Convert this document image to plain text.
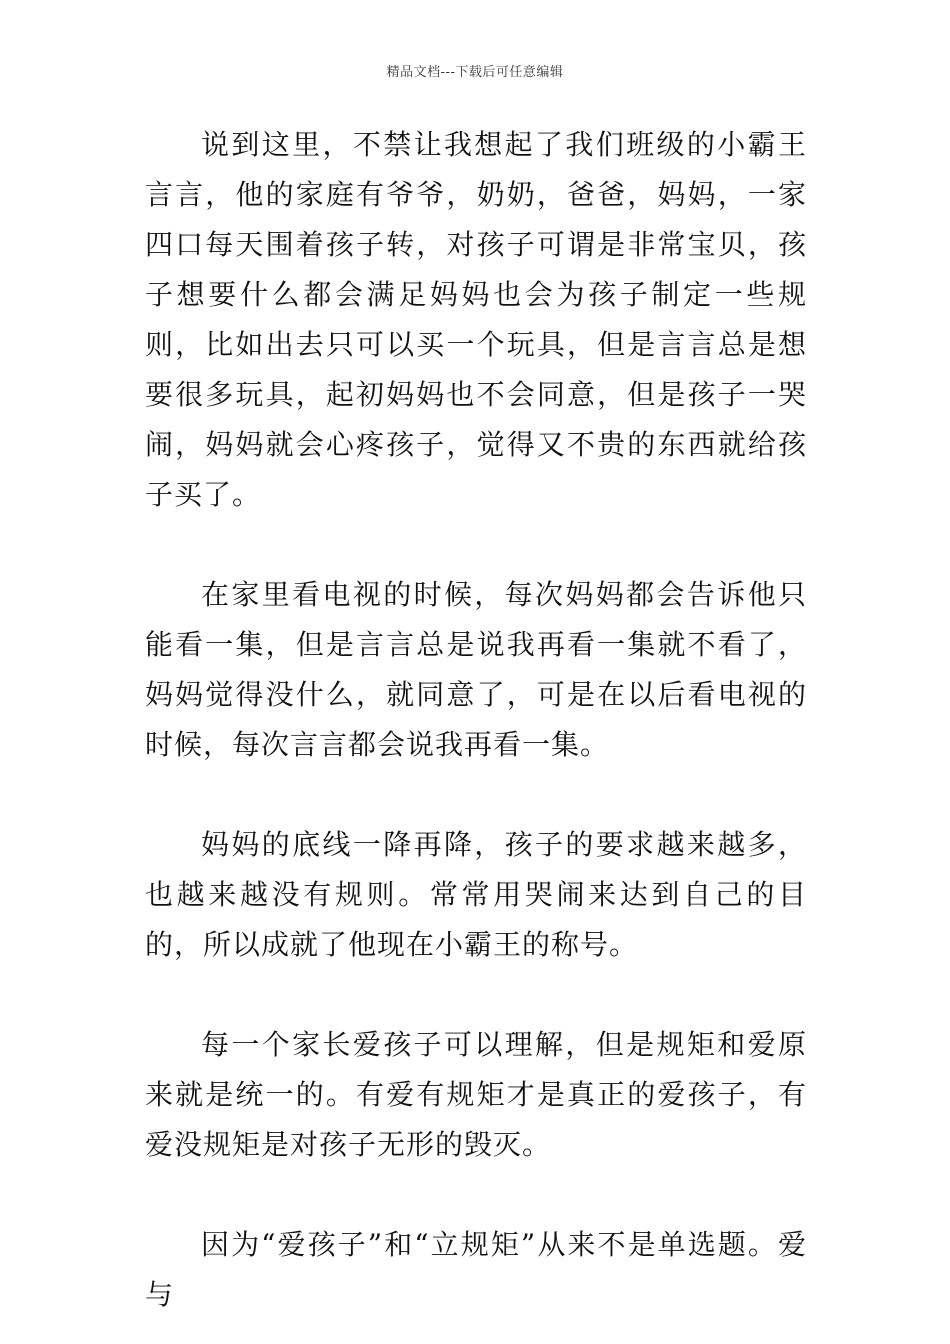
精品文档---下载后可任意编辑

说到这里，不禁让我想起了我们班级的小霸王言言，他的家庭有爷爷，奶奶，爸爸，妈妈，一家四口每天围着孩子转，对孩子可谓是非常宝贝，孩子想要什么都会满足妈妈也会为孩子制定一些规则，比如出去只可以买一个玩具，但是言言总是想要很多玩具，起初妈妈也不会同意，但是孩子一哭闹，妈妈就会心疼孩子，觉得又不贵的东西就给孩子买了。

在家里看电视的时候，每次妈妈都会告诉他只能看一集，但是言言总是说我再看一集就不看了，妈妈觉得没什么，就同意了，可是在以后看电视的时候，每次言言都会说我再看一集。

妈妈的底线一降再降，孩子的要求越来越多，也越来越没有规则。常常用哭闹来达到自己的目的，所以成就了他现在小霸王的称号。

每一个家长爱孩子可以理解，但是规矩和爱原来就是统一的。有爱有规矩才是真正的爱孩子，有爱没规矩是对孩子无形的毁灭。

因为“爱孩子”和“立规矩”从来不是单选题。爱与
